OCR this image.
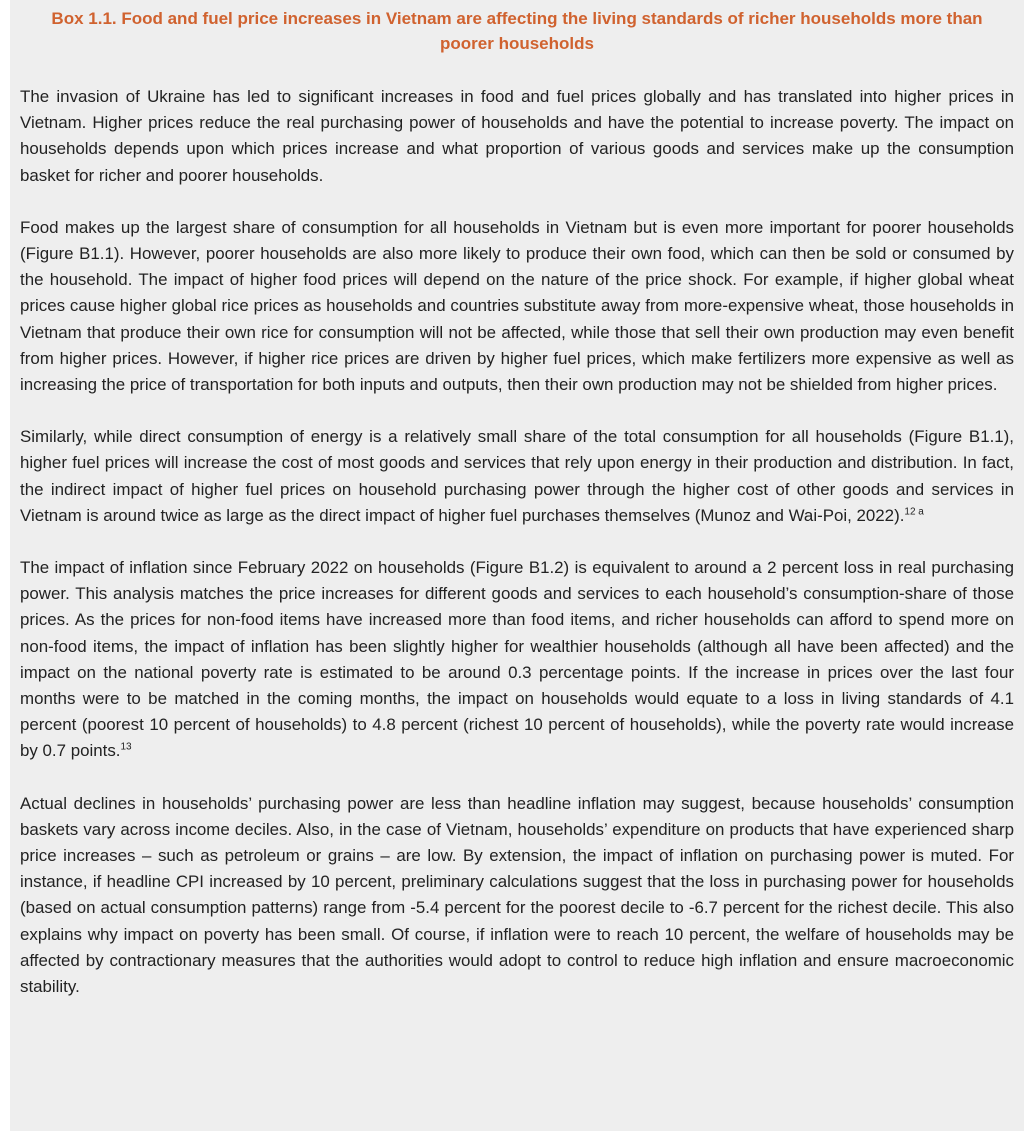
Box 1.1. Food and fuel price increases in Vietnam are affecting the living standards of richer households more than poorer households

The invasion of Ukraine has led to significant increases in food and fuel prices globally and has translated into higher prices in Vietnam. Higher prices reduce the real purchasing power of households and have the potential to increase poverty. The impact on households depends upon which prices increase and what proportion of various goods and services make up the consumption basket for richer and poorer households.

Food makes up the largest share of consumption for all households in Vietnam but is even more important for poorer households (Figure B1.1). However, poorer households are also more likely to produce their own food, which can then be sold or consumed by the household. The impact of higher food prices will depend on the nature of the price shock. For example, if higher global wheat prices cause higher global rice prices as households and countries substitute away from more-expensive wheat, those households in Vietnam that produce their own rice for consumption will not be affected, while those that sell their own production may even benefit from higher prices. However, if higher rice prices are driven by higher fuel prices, which make fertilizers more expensive as well as increasing the price of transportation for both inputs and outputs, then their own production may not be shielded from higher prices.

Similarly, while direct consumption of energy is a relatively small share of the total consumption for all households (Figure B1.1), higher fuel prices will increase the cost of most goods and services that rely upon energy in their production and distribution. In fact, the indirect impact of higher fuel prices on household purchasing power through the higher cost of other goods and services in Vietnam is around twice as large as the direct impact of higher fuel purchases themselves (Munoz and Wai-Poi, 2022).$^{12 a}$

The impact of inflation since February 2022 on households (Figure B1.2) is equivalent to around a 2 percent loss in real purchasing power. This analysis matches the price increases for different goods and services to each household’s consumption-share of those prices. As the prices for non-food items have increased more than food items, and richer households can afford to spend more on non-food items, the impact of inflation has been slightly higher for wealthier households (although all have been affected) and the impact on the national poverty rate is estimated to be around 0.3 percentage points. If the increase in prices over the last four months were to be matched in the coming months, the impact on households would equate to a loss in living standards of 4.1 percent (poorest 10 percent of households) to 4.8 percent (richest 10 percent of households), while the poverty rate would increase by 0.7 points.$^{13}$

Actual declines in households’ purchasing power are less than headline inflation may suggest, because households’ consumption baskets vary across income deciles. Also, in the case of Vietnam, households’ expenditure on products that have experienced sharp price increases – such as petroleum or grains – are low. By extension, the impact of inflation on purchasing power is muted. For instance, if headline CPI increased by 10 percent, preliminary calculations suggest that the loss in purchasing power for households (based on actual consumption patterns) range from -5.4 percent for the poorest decile to -6.7 percent for the richest decile. This also explains why impact on poverty has been small. Of course, if inflation were to reach 10 percent, the welfare of households may be affected by contractionary measures that the authorities would adopt to control to reduce high inflation and ensure macroeconomic stability.
